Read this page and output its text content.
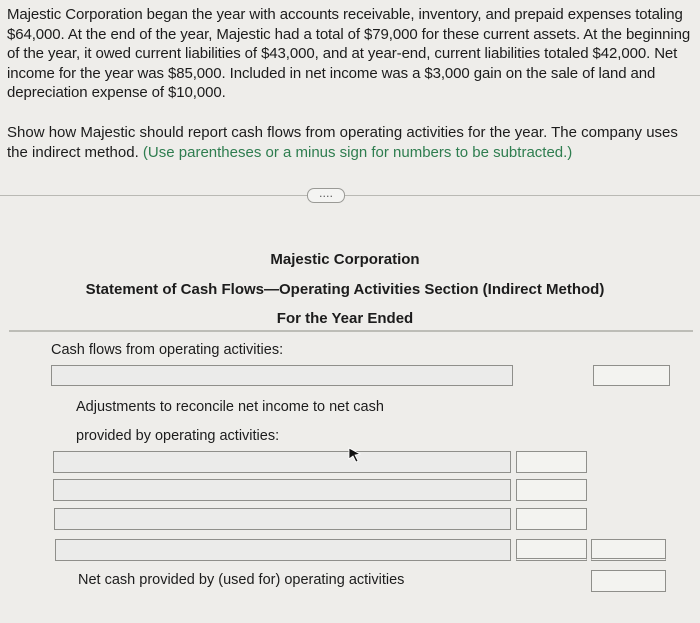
Majestic Corporation began the year with accounts receivable, inventory, and prepaid expenses totaling $64,000. At the end of the year, Majestic had a total of $79,000 for these current assets. At the beginning of the year, it owed current liabilities of $43,000, and at year-end, current liabilities totaled $42,000. Net income for the year was $85,000. Included in net income was a $3,000 gain on the sale of land and depreciation expense of $10,000.
Show how Majestic should report cash flows from operating activities for the year. The company uses the indirect method. (Use parentheses or a minus sign for numbers to be subtracted.)
....
Majestic Corporation
Statement of Cash Flows—Operating Activities Section (Indirect Method)
For the Year Ended
Cash flows from operating activities:
Adjustments to reconcile net income to net cash
provided by operating activities:
Net cash provided by (used for) operating activities
